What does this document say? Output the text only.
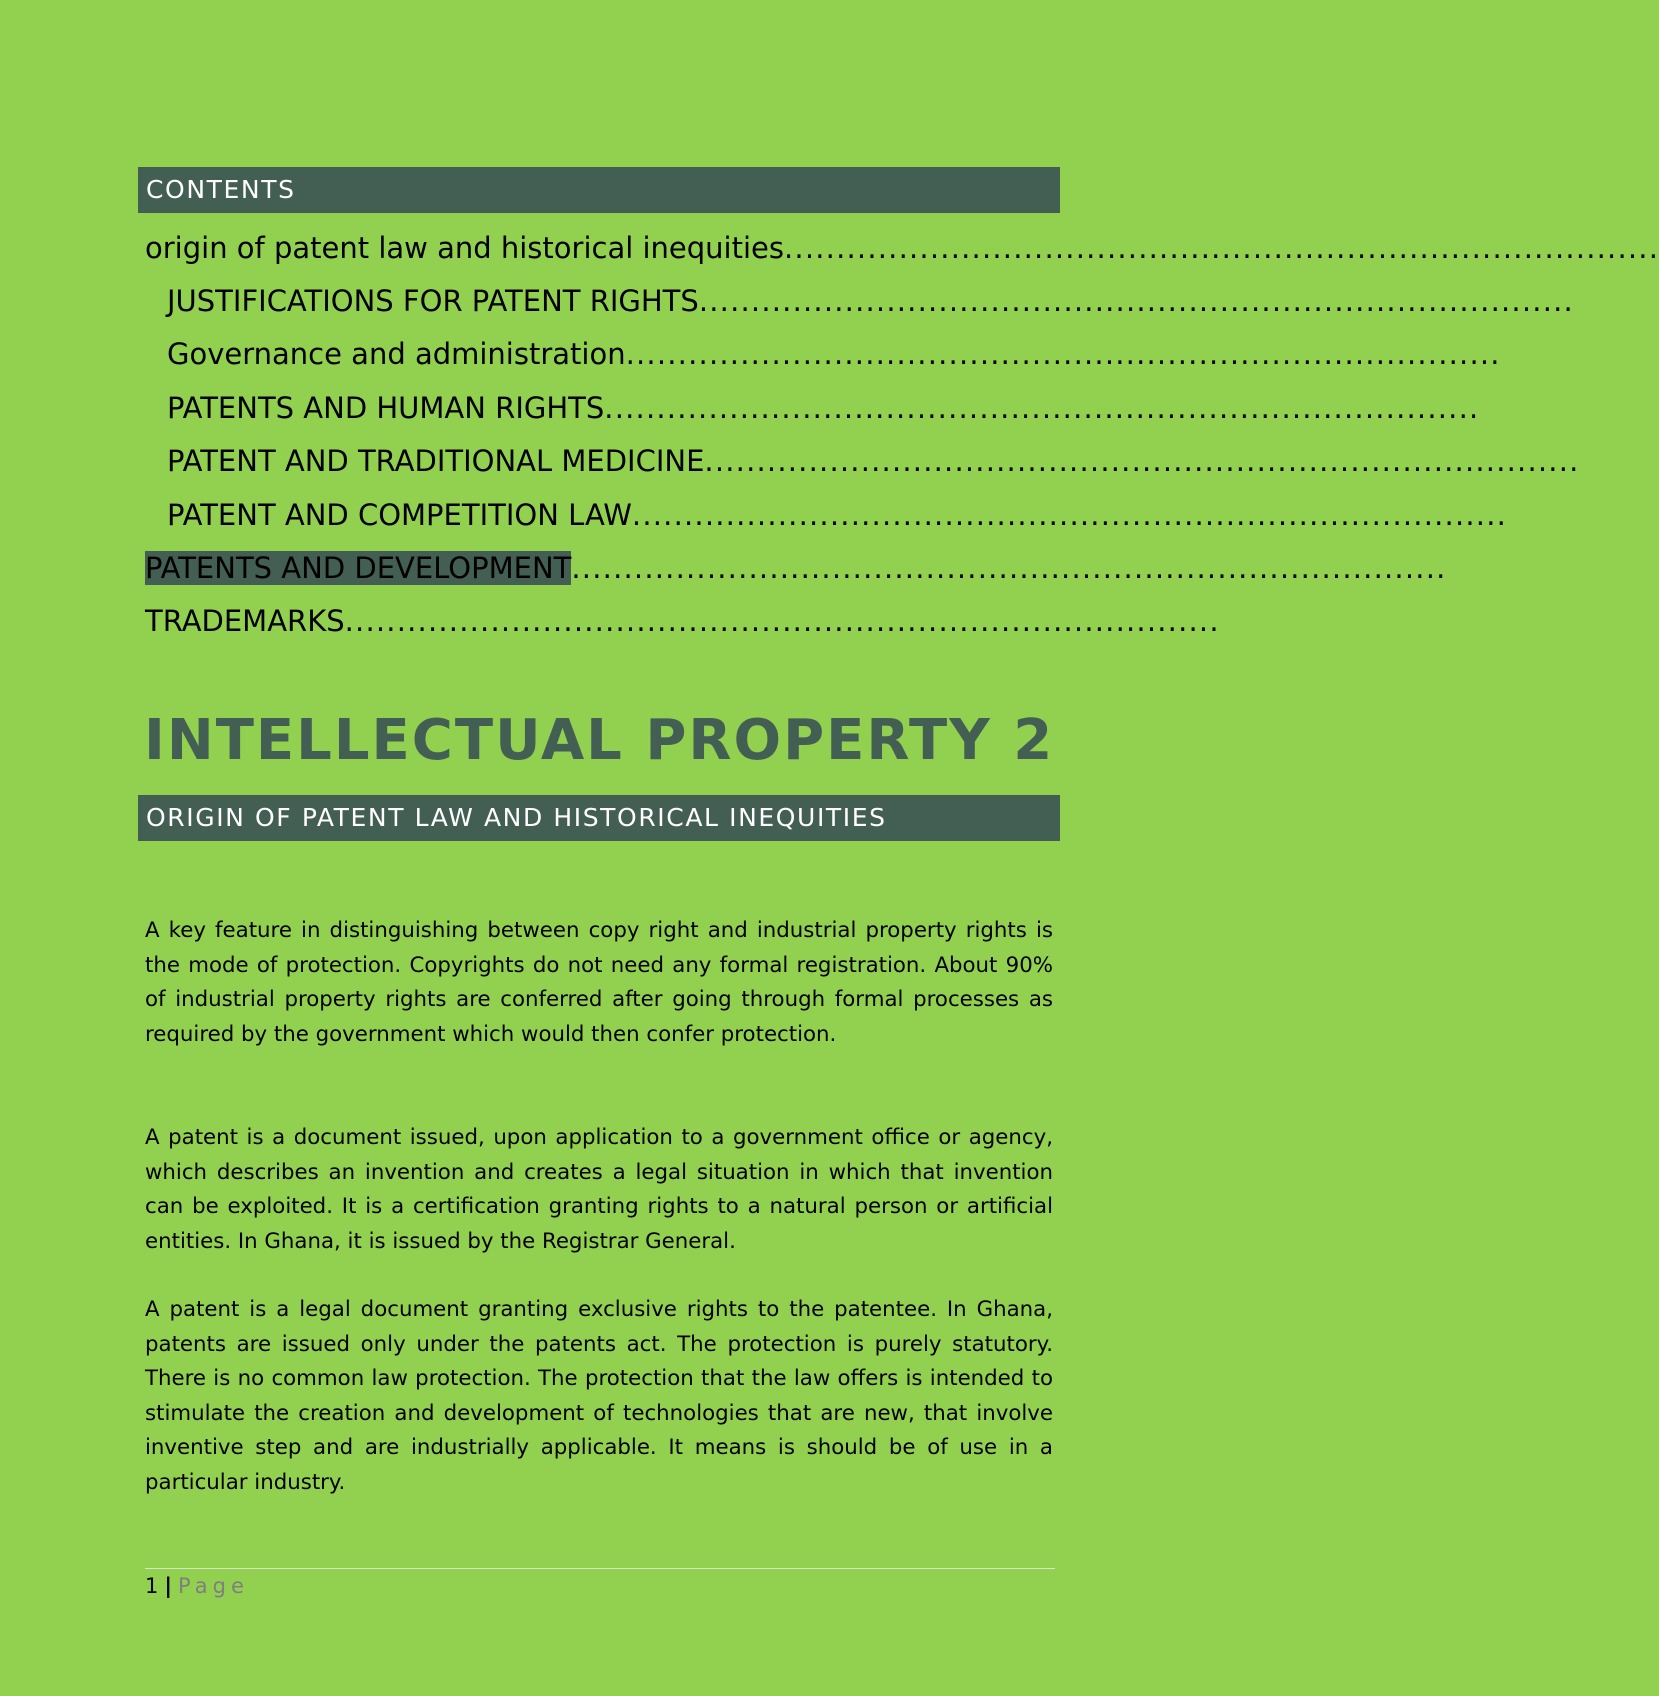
CONTENTS
origin of patent law and historical inequities....................................................................................
JUSTIFICATIONS FOR PATENT RIGHTS....................................................................................
Governance and administration....................................................................................
PATENTS AND HUMAN RIGHTS....................................................................................
PATENT AND TRADITIONAL MEDICINE....................................................................................
PATENT AND COMPETITION LAW....................................................................................
PATENTS AND DEVELOPMENT....................................................................................
TRADEMARKS....................................................................................
INTELLECTUAL PROPERTY 2
ORIGIN OF PATENT LAW AND HISTORICAL INEQUITIES

A key feature in distinguishing between copy right and industrial property rights is the mode of protection. Copyrights do not need any formal registration. About 90% of industrial property rights are conferred after going through formal processes as required by the government which would then confer protection.

A patent is a document issued, upon application to a government office or agency, which describes an invention and creates a legal situation in which that invention can be exploited. It is a certification granting rights to a natural person or artificial entities. In Ghana, it is issued by the Registrar General.

A patent is a legal document granting exclusive rights to the patentee. In Ghana, patents are issued only under the patents act. The protection is purely statutory. There is no common law protection. The protection that the law offers is intended to stimulate the creation and development of technologies that are new, that involve inventive step and are industrially applicable. It means is should be of use in a particular industry.

1 | Page
